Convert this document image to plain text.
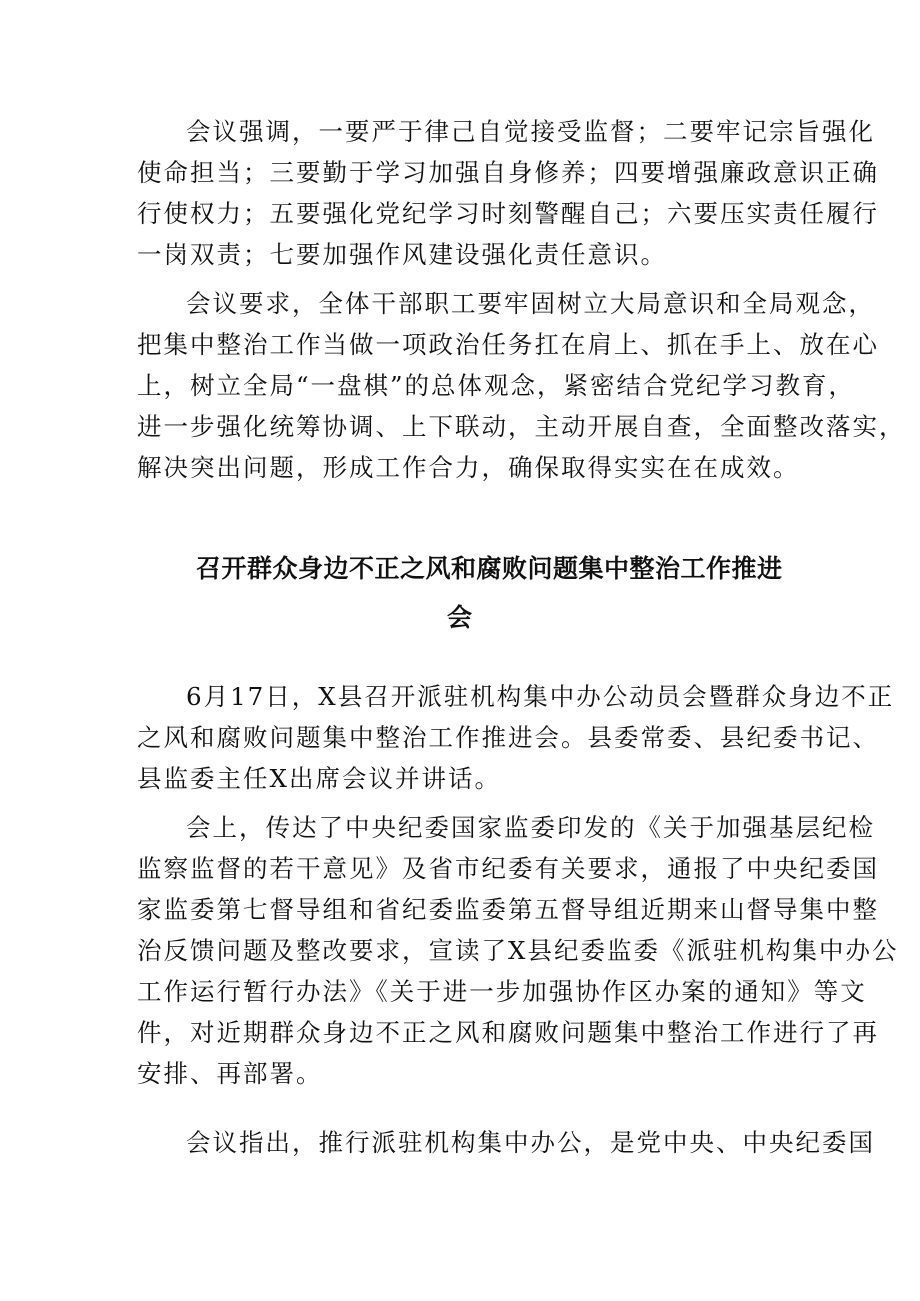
会议强调，一要严于律己自觉接受监督；二要牢记宗旨强化

使命担当；三要勤于学习加强自身修养；四要增强廉政意识正确

行使权力；五要强化党纪学习时刻警醒自己；六要压实责任履行

一岗双责；七要加强作风建设强化责任意识。

会议要求，全体干部职工要牢固树立大局意识和全局观念，

把集中整治工作当做一项政治任务扛在肩上、抓在手上、放在心

上，树立全局“一盘棋”的总体观念，紧密结合党纪学习教育，

进一步强化统筹协调、上下联动，主动开展自查，全面整改落实，

解决突出问题，形成工作合力，确保取得实实在在成效。

召开群众身边不正之风和腐败问题集中整治工作推进
会

6月17日，X县召开派驻机构集中办公动员会暨群众身边不正

之风和腐败问题集中整治工作推进会。县委常委、县纪委书记、

县监委主任X出席会议并讲话。

会上，传达了中央纪委国家监委印发的《关于加强基层纪检

监察监督的若干意见》及省市纪委有关要求，通报了中央纪委国

家监委第七督导组和省纪委监委第五督导组近期来山督导集中整

治反馈问题及整改要求，宣读了X县纪委监委《派驻机构集中办公

工作运行暂行办法》《关于进一步加强协作区办案的通知》等文

件，对近期群众身边不正之风和腐败问题集中整治工作进行了再

安排、再部署。

会议指出，推行派驻机构集中办公，是党中央、中央纪委国
